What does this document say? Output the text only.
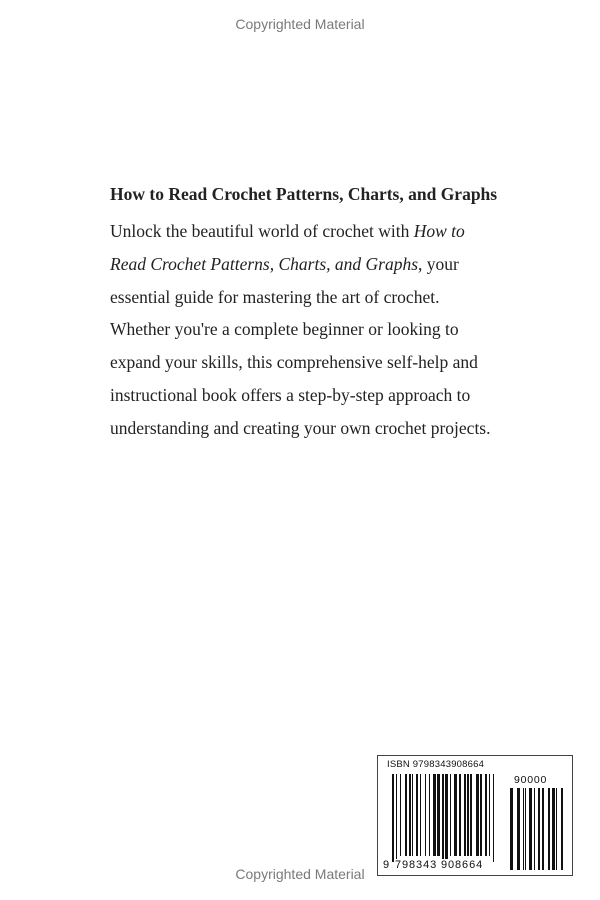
Copyrighted Material
How to Read Crochet Patterns, Charts, and Graphs

Unlock the beautiful world of crochet with How to Read Crochet Patterns, Charts, and Graphs, your essential guide for mastering the art of crochet. Whether you're a complete beginner or looking to expand your skills, this comprehensive self-help and instructional book offers a step-by-step approach to understanding and creating your own crochet projects.

ISBN 9798343908664
90000
9 798343 908664
Copyrighted Material
